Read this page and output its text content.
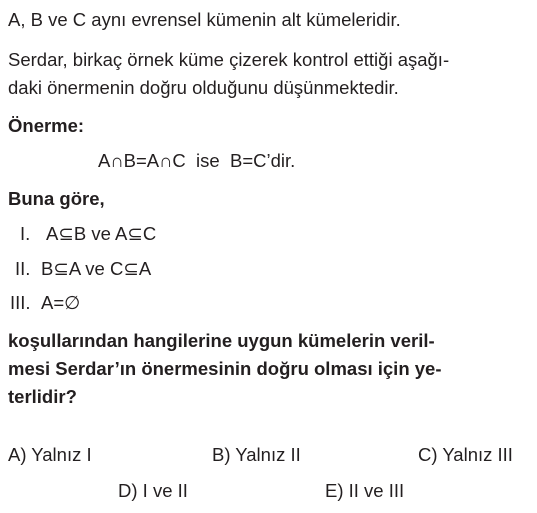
A, B ve C aynı evrensel kümenin alt kümeleridir.
Serdar, birkaç örnek küme çizerek kontrol ettiği aşağı-
daki önermenin doğru olduğunu düşünmektedir.
Önerme:
A∩B=A∩C  ise  B=C’dir.
Buna göre,
I. A⊆B ve A⊆C
II. B⊆A ve C⊆A
III. A=∅
koşullarından hangilerine uygun kümelerin veril-
mesi Serdar’ın önermesinin doğru olması için ye-
terlidir?
A) Yalnız I	B) Yalnız II	C) Yalnız III
D) I ve II	E) II ve III
